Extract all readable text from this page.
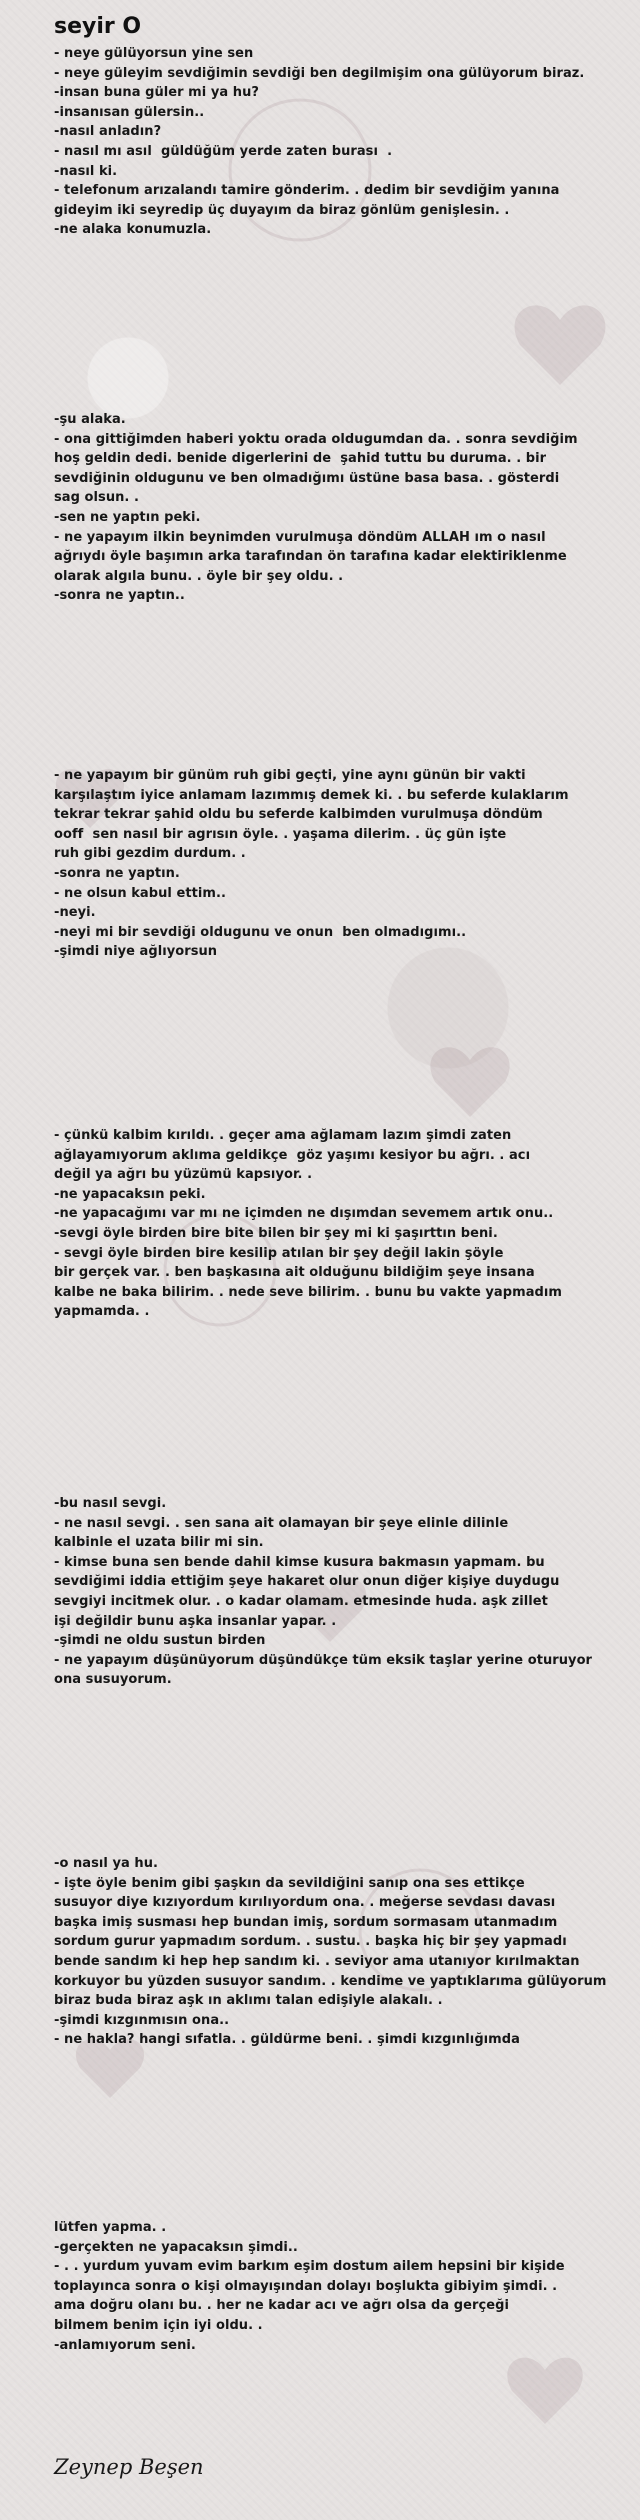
seyir O
- neye gülüyorsun yine sen
- neye güleyim sevdiğimin sevdiği ben degilmişim ona gülüyorum biraz.
-insan buna güler mi ya hu?
-insanısan gülersin..
-nasıl anladın?
- nasıl mı asıl  güldüğüm yerde zaten burası  .
-nasıl ki.
- telefonum arızalandı tamire gönderim. . dedim bir sevdiğim yanına
gideyim iki seyredip üç duyayım da biraz gönlüm genişlesin. .
-ne alaka konumuzla.
-şu alaka.
- ona gittiğimden haberi yoktu orada oldugumdan da. . sonra sevdiğim
hoş geldin dedi. benide digerlerini de  şahid tuttu bu duruma. . bir
sevdiğinin oldugunu ve ben olmadığımı üstüne basa basa. . gösterdi
sag olsun. .
-sen ne yaptın peki.
- ne yapayım ilkin beynimden vurulmuşa döndüm ALLAH ım o nasıl
ağrıydı öyle başımın arka tarafından ön tarafına kadar elektiriklenme
olarak algıla bunu. . öyle bir şey oldu. .
-sonra ne yaptın..
- ne yapayım bir günüm ruh gibi geçti, yine aynı günün bir vakti
karşılaştım iyice anlamam lazımmış demek ki. . bu seferde kulaklarım
tekrar tekrar şahid oldu bu seferde kalbimden vurulmuşa döndüm
ooff  sen nasıl bir agrısın öyle. . yaşama dilerim. . üç gün işte
ruh gibi gezdim durdum. .
-sonra ne yaptın.
- ne olsun kabul ettim..
-neyi.
-neyi mi bir sevdiği oldugunu ve onun  ben olmadıgımı..
-şimdi niye ağlıyorsun
- çünkü kalbim kırıldı. . geçer ama ağlamam lazım şimdi zaten
ağlayamıyorum aklıma geldikçe  göz yaşımı kesiyor bu ağrı. . acı
değil ya ağrı bu yüzümü kapsıyor. .
-ne yapacaksın peki.
-ne yapacağımı var mı ne içimden ne dışımdan sevemem artık onu..
-sevgi öyle birden bire bite bilen bir şey mi ki şaşırttın beni.
- sevgi öyle birden bire kesilip atılan bir şey değil lakin şöyle
bir gerçek var. . ben başkasına ait olduğunu bildiğim şeye insana
kalbe ne baka bilirim. . nede seve bilirim. . bunu bu vakte yapmadım
yapmamda. .
-bu nasıl sevgi.
- ne nasıl sevgi. . sen sana ait olamayan bir şeye elinle dilinle
kalbinle el uzata bilir mi sin.
- kimse buna sen bende dahil kimse kusura bakmasın yapmam. bu
sevdiğimi iddia ettiğim şeye hakaret olur onun diğer kişiye duydugu
sevgiyi incitmek olur. . o kadar olamam. etmesinde huda. aşk zillet
işi değildir bunu aşka insanlar yapar. .
-şimdi ne oldu sustun birden
- ne yapayım düşünüyorum düşündükçe tüm eksik taşlar yerine oturuyor
ona susuyorum.
-o nasıl ya hu.
- işte öyle benim gibi şaşkın da sevildiğini sanıp ona ses ettikçe
susuyor diye kızıyordum kırılıyordum ona. . meğerse sevdası davası
başka imiş susması hep bundan imiş, sordum sormasam utanmadım
sordum gurur yapmadım sordum. . sustu. . başka hiç bir şey yapmadı
bende sandım ki hep hep sandım ki. . seviyor ama utanıyor kırılmaktan
korkuyor bu yüzden susuyor sandım. . kendime ve yaptıklarıma gülüyorum
biraz buda biraz aşk ın aklımı talan edişiyle alakalı. .
-şimdi kızgınmısın ona..
- ne hakla? hangi sıfatla. . güldürme beni. . şimdi kızgınlığımda
lütfen yapma. .
-gerçekten ne yapacaksın şimdi..
- . . yurdum yuvam evim barkım eşim dostum ailem hepsini bir kişide
toplayınca sonra o kişi olmayışından dolayı boşlukta gibiyim şimdi. .
ama doğru olanı bu. . her ne kadar acı ve ağrı olsa da gerçeği
bilmem benim için iyi oldu. .
-anlamıyorum seni.

Zeynep Beşen
